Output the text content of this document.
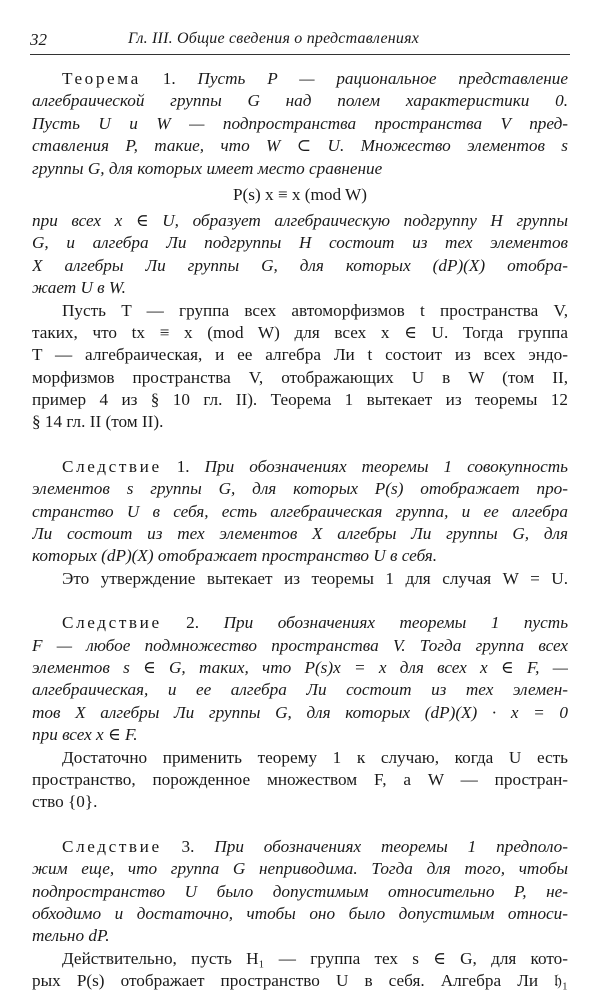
32	Гл. III. Общие сведения о представлениях
Теорема 1. Пусть P — рациональное представление
алгебраической группы G над полем характеристики 0.
Пусть U и W — подпространства пространства V пред-
ставления P, такие, что W ⊂ U. Множество элементов s
группы G, для которых имеет место сравнение
P(s) x ≡ x (mod W)
при всех x ∈ U, образует алгебраическую подгруппу H группы
G, и алгебра Ли подгруппы H состоит из тех элементов
X алгебры Ли группы G, для которых (dP)(X) отобра-
жает U в W.
Пусть T — группа всех автоморфизмов t пространства V,
таких, что tx ≡ x (mod W) для всех x ∈ U. Тогда группа
T — алгебраическая, и ее алгебра Ли t состоит из всех эндо-
морфизмов пространства V, отображающих U в W (том II,
пример 4 из § 10 гл. II). Теорема 1 вытекает из теоремы 12
§ 14 гл. II (том II).
Следствие 1. При обозначениях теоремы 1 совокупность
элементов s группы G, для которых P(s) отображает про-
странство U в себя, есть алгебраическая группа, и ее алгебра
Ли состоит из тех элементов X алгебры Ли группы G, для
которых (dP)(X) отображает пространство U в себя.
Это утверждение вытекает из теоремы 1 для случая W = U.
Следствие 2. При обозначениях теоремы 1 пусть
F — любое подмножество пространства V. Тогда группа всех
элементов s ∈ G, таких, что P(s)x = x для всех x ∈ F, —
алгебраическая, и ее алгебра Ли состоит из тех элемен-
тов X алгебры Ли группы G, для которых (dP)(X) · x = 0
при всех x ∈ F.
Достаточно применить теорему 1 к случаю, когда U есть
пространство, порожденное множеством F, а W — простран-
ство {0}.
Следствие 3. При обозначениях теоремы 1 предполо-
жим еще, что группа G неприводима. Тогда для того, чтобы
подпространство U было допустимым относительно P, не-
обходимо и достаточно, чтобы оно было допустимым относи-
тельно dP.
Действительно, пусть H₁ — группа тех s ∈ G, для кото-
рых P(s) отображает пространство U в себя. Алгебра Ли 𝔥₁
